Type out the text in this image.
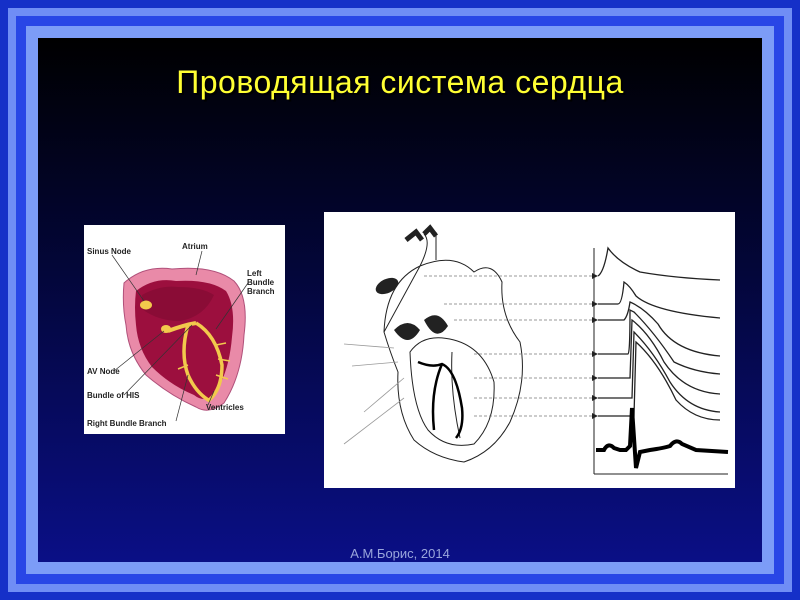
Проводящая система сердца
Sinus Node
Atrium
Left
Bundle
Branch
AV Node
Bundle of HIS
Ventricles
Right Bundle Branch
А.М.Борис, 2014
